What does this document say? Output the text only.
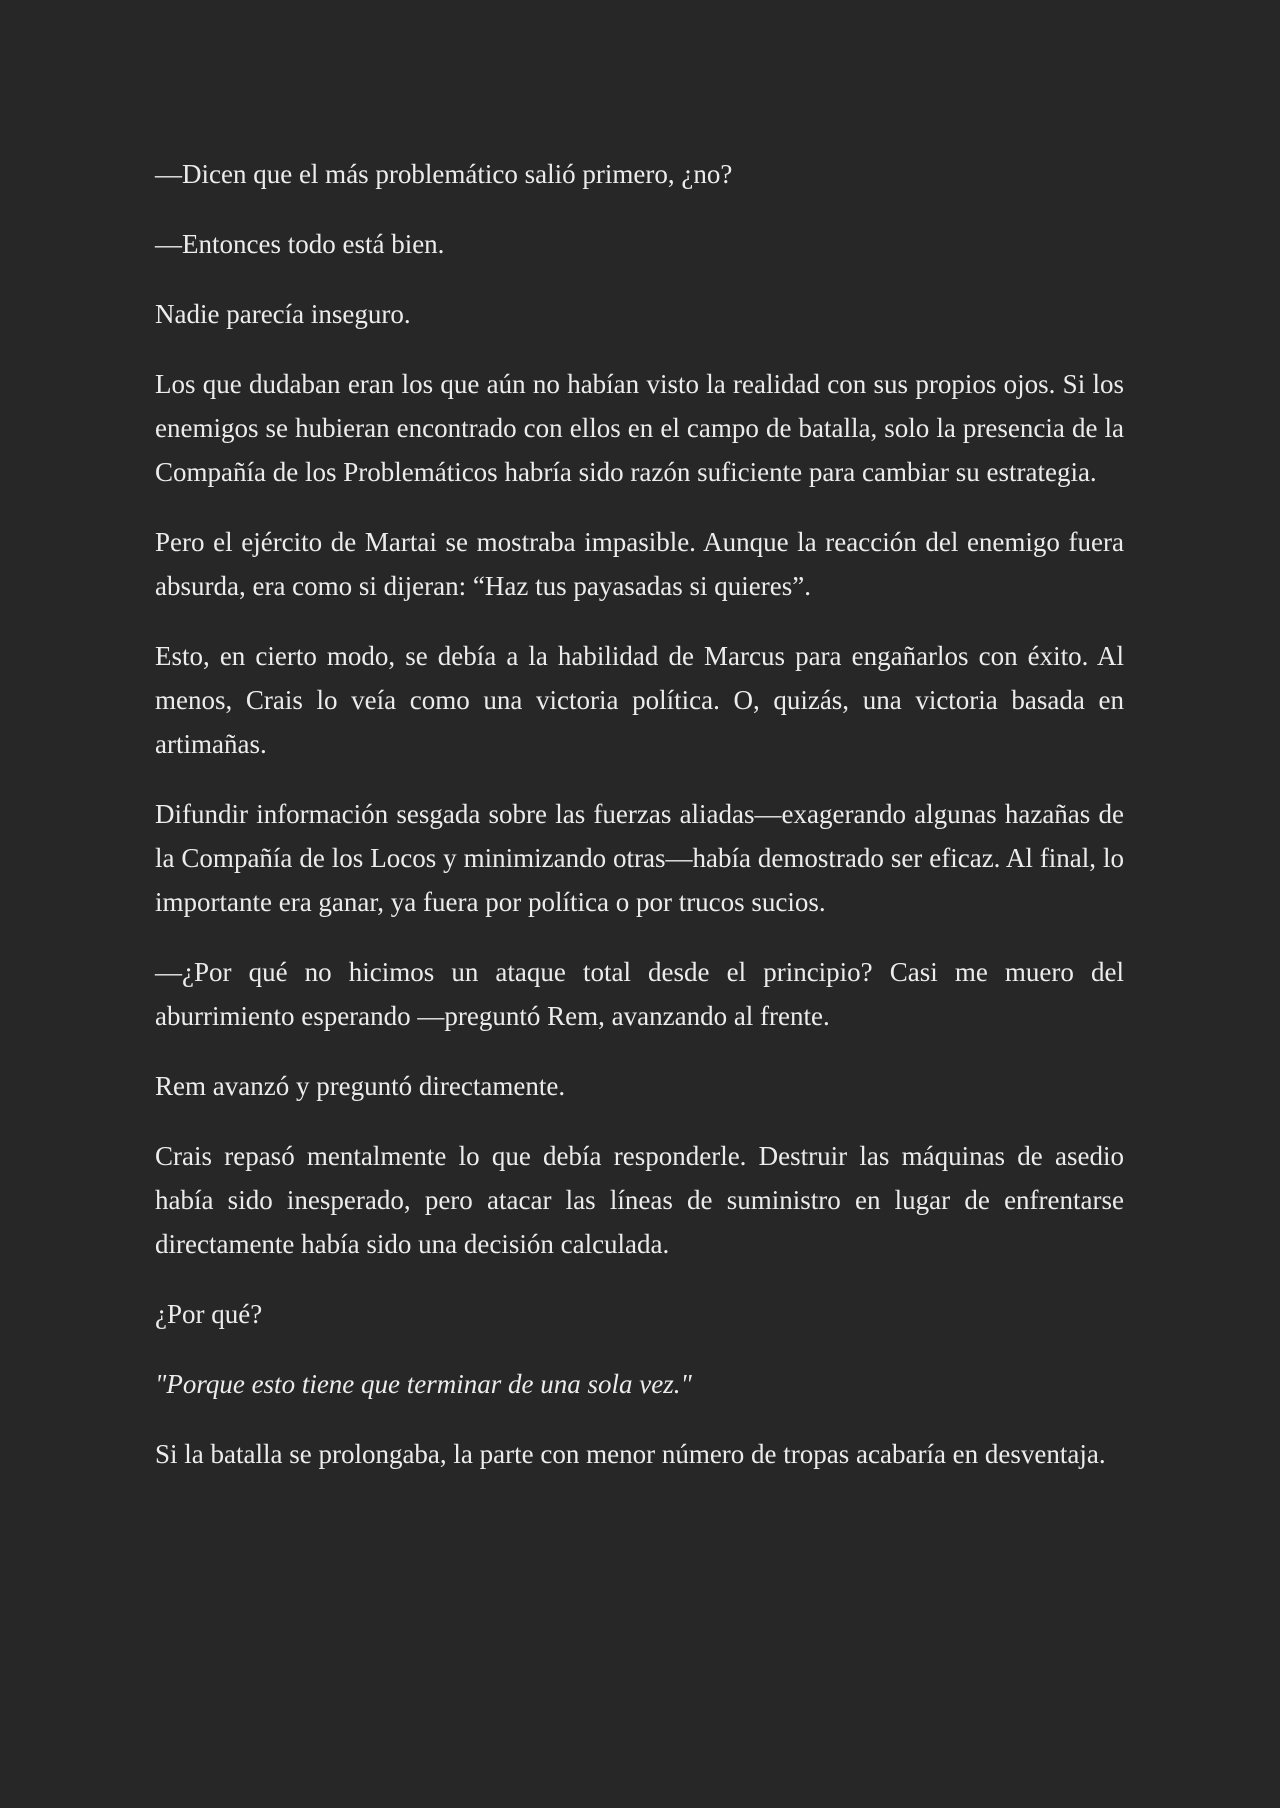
—Dicen que el más problemático salió primero, ¿no?

—Entonces todo está bien.

Nadie parecía inseguro.

Los que dudaban eran los que aún no habían visto la realidad con sus propios ojos. Si los enemigos se hubieran encontrado con ellos en el campo de batalla, solo la presencia de la Compañía de los Problemáticos habría sido razón suficiente para cambiar su estrategia.

Pero el ejército de Martai se mostraba impasible. Aunque la reacción del enemigo fuera absurda, era como si dijeran: “Haz tus payasadas si quieres”.

Esto, en cierto modo, se debía a la habilidad de Marcus para engañarlos con éxito. Al menos, Crais lo veía como una victoria política. O, quizás, una victoria basada en artimañas.

Difundir información sesgada sobre las fuerzas aliadas—exagerando algunas hazañas de la Compañía de los Locos y minimizando otras—había demostrado ser eficaz. Al final, lo importante era ganar, ya fuera por política o por trucos sucios.

—¿Por qué no hicimos un ataque total desde el principio? Casi me muero del aburrimiento esperando —preguntó Rem, avanzando al frente.

Rem avanzó y preguntó directamente.

Crais repasó mentalmente lo que debía responderle. Destruir las máquinas de asedio había sido inesperado, pero atacar las líneas de suministro en lugar de enfrentarse directamente había sido una decisión calculada.

¿Por qué?

"Porque esto tiene que terminar de una sola vez."

Si la batalla se prolongaba, la parte con menor número de tropas acabaría en desventaja.
